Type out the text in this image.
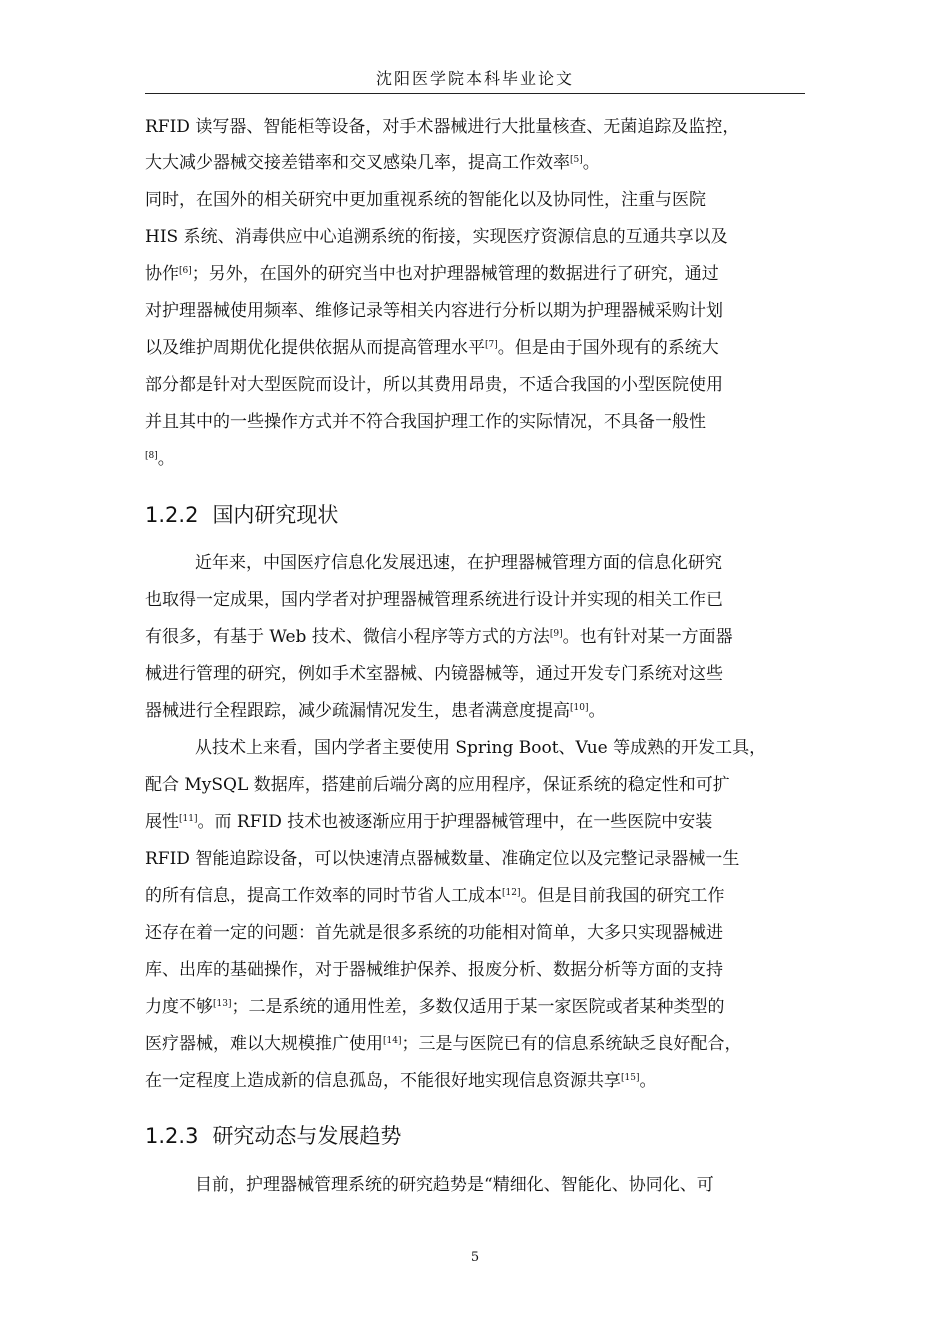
沈阳医学院本科毕业论文
RFID 读写器、智能柜等设备，对手术器械进行大批量核查、无菌追踪及监控，
大大减少器械交接差错率和交叉感染几率，提高工作效率[5]。
同时，在国外的相关研究中更加重视系统的智能化以及协同性，注重与医院
HIS 系统、消毒供应中心追溯系统的衔接，实现医疗资源信息的互通共享以及
协作[6]；另外，在国外的研究当中也对护理器械管理的数据进行了研究，通过
对护理器械使用频率、维修记录等相关内容进行分析以期为护理器械采购计划
以及维护周期优化提供依据从而提高管理水平[7]。但是由于国外现有的系统大
部分都是针对大型医院而设计，所以其费用昂贵，不适合我国的小型医院使用
并且其中的一些操作方式并不符合我国护理工作的实际情况，不具备一般性
[8]。
1.2.2 国内研究现状
近年来，中国医疗信息化发展迅速，在护理器械管理方面的信息化研究
也取得一定成果，国内学者对护理器械管理系统进行设计并实现的相关工作已
有很多，有基于 Web 技术、微信小程序等方式的方法[9]。也有针对某一方面器
械进行管理的研究，例如手术室器械、内镜器械等，通过开发专门系统对这些
器械进行全程跟踪，减少疏漏情况发生，患者满意度提高[10]。
从技术上来看，国内学者主要使用 Spring Boot、Vue 等成熟的开发工具，
配合 MySQL 数据库，搭建前后端分离的应用程序，保证系统的稳定性和可扩
展性[11]。而 RFID 技术也被逐渐应用于护理器械管理中，在一些医院中安装
RFID 智能追踪设备，可以快速清点器械数量、准确定位以及完整记录器械一生
的所有信息，提高工作效率的同时节省人工成本[12]。但是目前我国的研究工作
还存在着一定的问题：首先就是很多系统的功能相对简单，大多只实现器械进
库、出库的基础操作，对于器械维护保养、报废分析、数据分析等方面的支持
力度不够[13]；二是系统的通用性差，多数仅适用于某一家医院或者某种类型的
医疗器械，难以大规模推广使用[14]；三是与医院已有的信息系统缺乏良好配合，
在一定程度上造成新的信息孤岛，不能很好地实现信息资源共享[15]。
1.2.3 研究动态与发展趋势
目前，护理器械管理系统的研究趋势是“精细化、智能化、协同化、可
5
